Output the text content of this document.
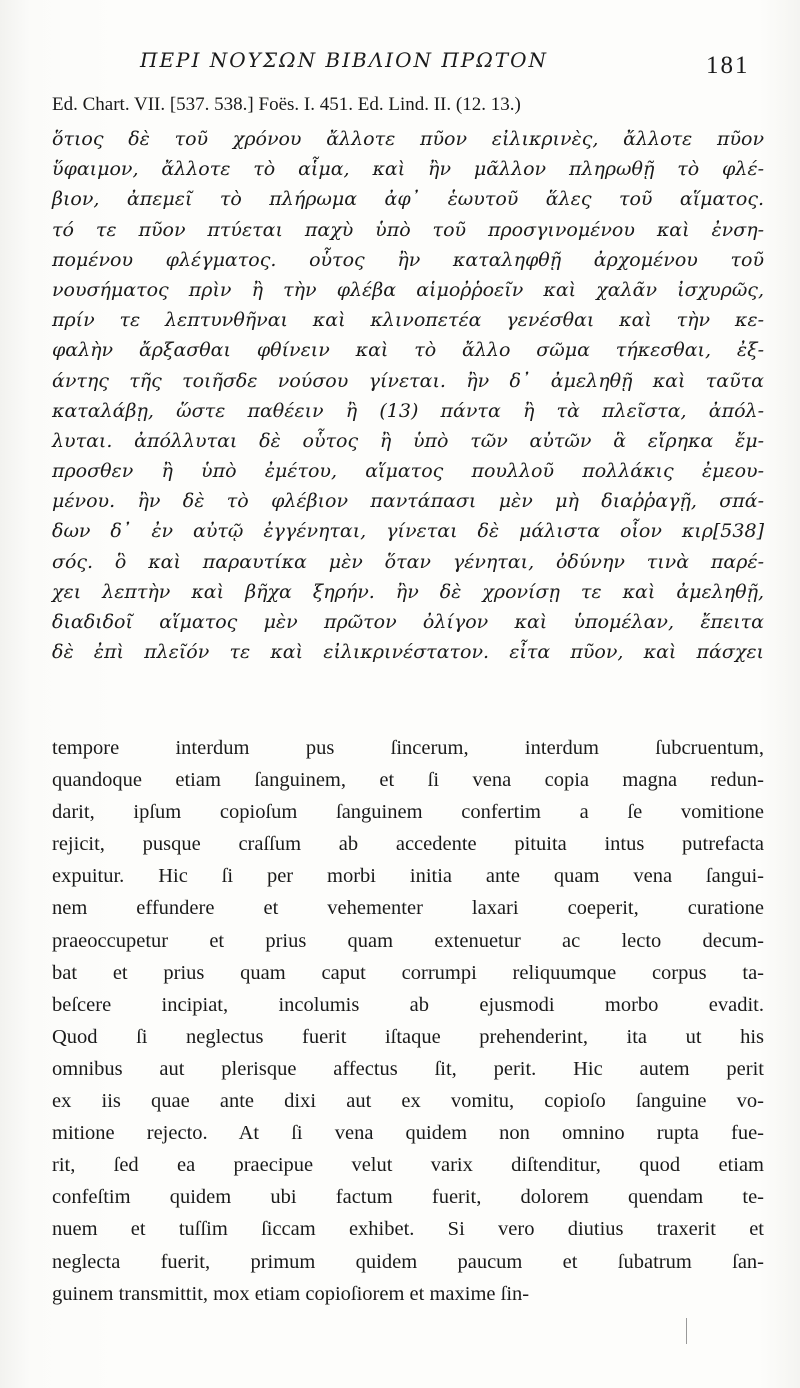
ΠΕΡΙ ΝΟΥΣΩΝ ΒΙΒΛΙΟΝ ΠΡΩΤΟΝ	181
Ed. Chart. VII. [537. 538.] Foës. I. 451. Ed. Lind. II. (12. 13.)
ὅτιος δὲ τοῦ χρόνου ἄλλοτε πῦον εἰλικρινὲς, ἄλλοτε πῦον
ὕφαιμον, ἄλλοτε τὸ αἷμα, καὶ ἢν μᾶλλον πληρωθῇ τὸ φλέ-
βιον, ἀπεμεῖ τὸ πλήρωμα ἀφ᾽ ἑωυτοῦ ἅλες τοῦ αἵματος.
τό τε πῦον πτύεται παχὺ ὑπὸ τοῦ προσγινομένου καὶ ἐνση-
πομένου φλέγματος. οὗτος ἢν καταληφθῇ ἀρχομένου τοῦ
νουσήματος πρὶν ἢ τὴν φλέβα αἱμοῤῥοεῖν καὶ χαλᾶν ἰσχυρῶς,
πρίν τε λεπτυνθῆναι καὶ κλινοπετέα γενέσθαι καὶ τὴν κε-
φαλὴν ἄρξασθαι φθίνειν καὶ τὸ ἄλλο σῶμα τήκεσθαι, ἐξ-
άντης τῆς τοιῆσδε νούσου γίνεται. ἢν δ᾽ ἀμεληθῇ καὶ ταῦτα
καταλάβῃ, ὥστε παθέειν ἢ (13) πάντα ἢ τὰ πλεῖστα, ἀπόλ-
λυται. ἀπόλλυται δὲ οὗτος ἢ ὑπὸ τῶν αὐτῶν ἃ εἴρηκα ἔμ-
προσθεν ἢ ὑπὸ ἐμέτου, αἵματος πουλλοῦ πολλάκις ἐμεου-
μένου. ἢν δὲ τὸ φλέβιον παντάπασι μὲν μὴ διαῤῥαγῇ, σπά-
δων δ᾽ ἐν αὐτῷ ἐγγένηται, γίνεται δὲ μάλιστα οἷον κιρ[538]
σός. ὃ καὶ παραυτίκα μὲν ὅταν γένηται, ὀδύνην τινὰ παρέ-
χει λεπτὴν καὶ βῆχα ξηρήν. ἢν δὲ χρονίσῃ τε καὶ ἀμεληθῇ,
διαδιδοῖ αἵματος μὲν πρῶτον ὀλίγον καὶ ὑπομέλαν, ἔπειτα
δὲ ἐπὶ πλεῖόν τε καὶ εἰλικρινέστατον. εἶτα πῦον, καὶ πάσχει
tempore interdum pus ſincerum, interdum ſubcruentum,
quandoque etiam ſanguinem, et ſi vena copia magna redun-
darit, ipſum copioſum ſanguinem confertim a ſe vomitione
rejicit, pusque craſſum ab accedente pituita intus putrefacta
expuitur. Hic ſi per morbi initia ante quam vena ſangui-
nem effundere et vehementer laxari coeperit, curatione
praeoccupetur et prius quam extenuetur ac lecto decum-
bat et prius quam caput corrumpi reliquumque corpus ta-
beſcere incipiat, incolumis ab ejusmodi morbo evadit.
Quod ſi neglectus fuerit iſtaque prehenderint, ita ut his
omnibus aut plerisque affectus ſit, perit. Hic autem perit
ex iis quae ante dixi aut ex vomitu, copioſo ſanguine vo-
mitione rejecto. At ſi vena quidem non omnino rupta fue-
rit, ſed ea praecipue velut varix diſtenditur, quod etiam
confeſtim quidem ubi factum fuerit, dolorem quendam te-
nuem et tuſſim ſiccam exhibet. Si vero diutius traxerit et
neglecta fuerit, primum quidem paucum et ſubatrum ſan-
guinem transmittit, mox etiam copioſiorem et maxime ſin-
